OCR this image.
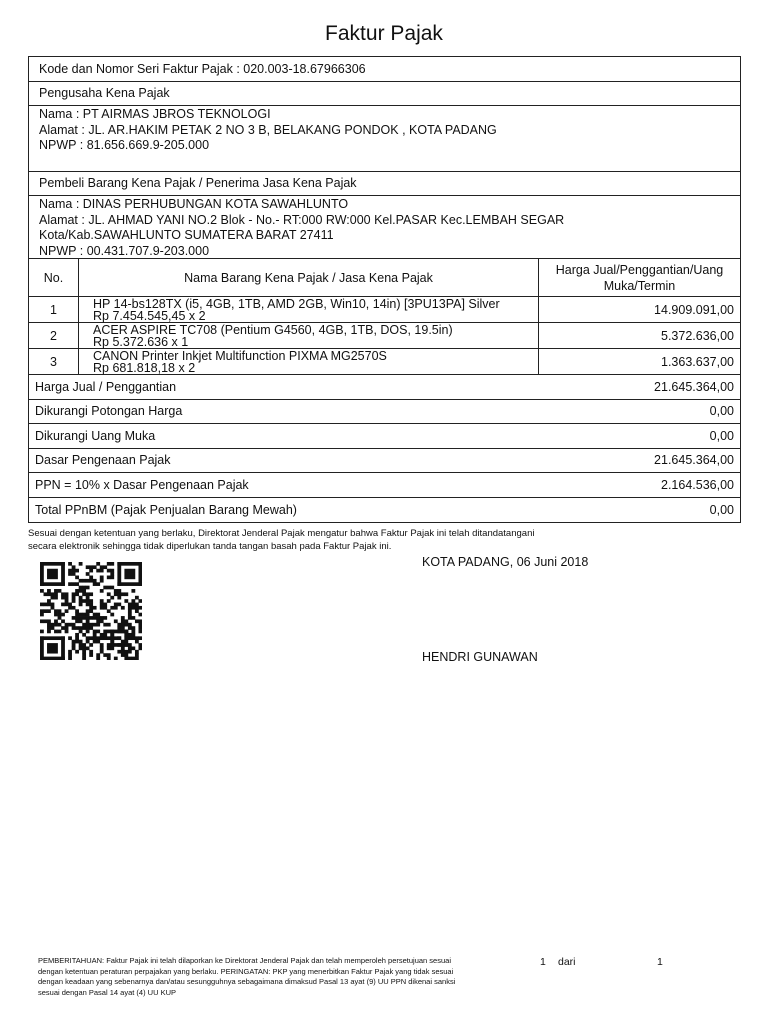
Faktur Pajak
Kode dan Nomor Seri Faktur Pajak : 020.003-18.67966306
Pengusaha Kena Pajak
Nama : PT AIRMAS JBROS TEKNOLOGI
Alamat : JL. AR.HAKIM PETAK 2 NO 3 B, BELAKANG PONDOK , KOTA PADANG
NPWP : 81.656.669.9-205.000
Pembeli Barang Kena Pajak / Penerima Jasa Kena Pajak
Nama : DINAS PERHUBUNGAN KOTA SAWAHLUNTO
Alamat : JL. AHMAD YANI NO.2 Blok - No.- RT:000 RW:000 Kel.PASAR Kec.LEMBAH SEGAR
Kota/Kab.SAWAHLUNTO SUMATERA BARAT 27411
NPWP : 00.431.707.9-203.000
No.	Nama Barang Kena Pajak / Jasa Kena Pajak
Harga Jual/Penggantian/Uang Muka/Termin
1	HP 14-bs128TX (i5, 4GB, 1TB, AMD 2GB, Win10, 14in) [3PU13PA] Silver
Rp 7.454.545,45 x 2	14.909.091,00
2	ACER ASPIRE TC708 (Pentium G4560, 4GB, 1TB, DOS, 19.5in)
Rp 5.372.636 x 1	5.372.636,00
3	CANON Printer Inkjet Multifunction PIXMA MG2570S
Rp 681.818,18 x 2	1.363.637,00
Harga Jual / Penggantian	21.645.364,00
Dikurangi Potongan Harga	0,00
Dikurangi Uang Muka	0,00
Dasar Pengenaan Pajak	21.645.364,00
PPN = 10% x Dasar Pengenaan Pajak	2.164.536,00
Total PPnBM (Pajak Penjualan Barang Mewah)	0,00
Sesuai dengan ketentuan yang berlaku, Direktorat Jenderal Pajak mengatur bahwa Faktur Pajak ini telah ditandatangani
secara elektronik sehingga tidak diperlukan tanda tangan basah pada Faktur Pajak ini.
KOTA PADANG, 06 Juni 2018
HENDRI GUNAWAN
PEMBERITAHUAN: Faktur Pajak ini telah dilaporkan ke Direktorat Jenderal Pajak dan telah memperoleh persetujuan sesuai
dengan ketentuan peraturan perpajakan yang berlaku. PERINGATAN: PKP yang menerbitkan Faktur Pajak yang tidak sesuai
dengan keadaan yang sebenarnya dan/atau sesungguhnya sebagaimana dimaksud Pasal 13 ayat (9) UU PPN dikenai sanksi
sesuai dengan Pasal 14 ayat (4) UU KUP
1 dari	1
